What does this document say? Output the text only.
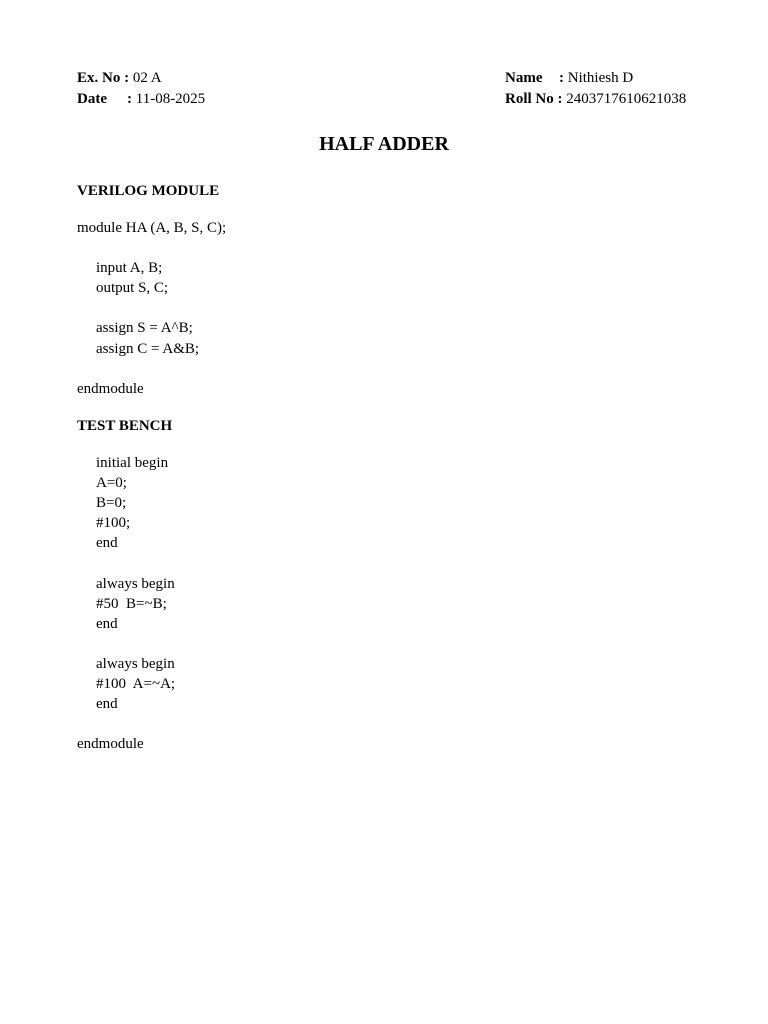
Ex. No : 02 A
Date : 11-08-2025
Name : Nithiesh D
Roll No : 2403717610621038
HALF ADDER
VERILOG MODULE
module HA (A, B, S, C);
input A, B;
output S, C;
assign S = A^B;
assign C = A&B;
endmodule
TEST BENCH
initial begin
A=0;
B=0;
#100;
end
always begin
#50  B=~B;
end
always begin
#100  A=~A;
end
endmodule
